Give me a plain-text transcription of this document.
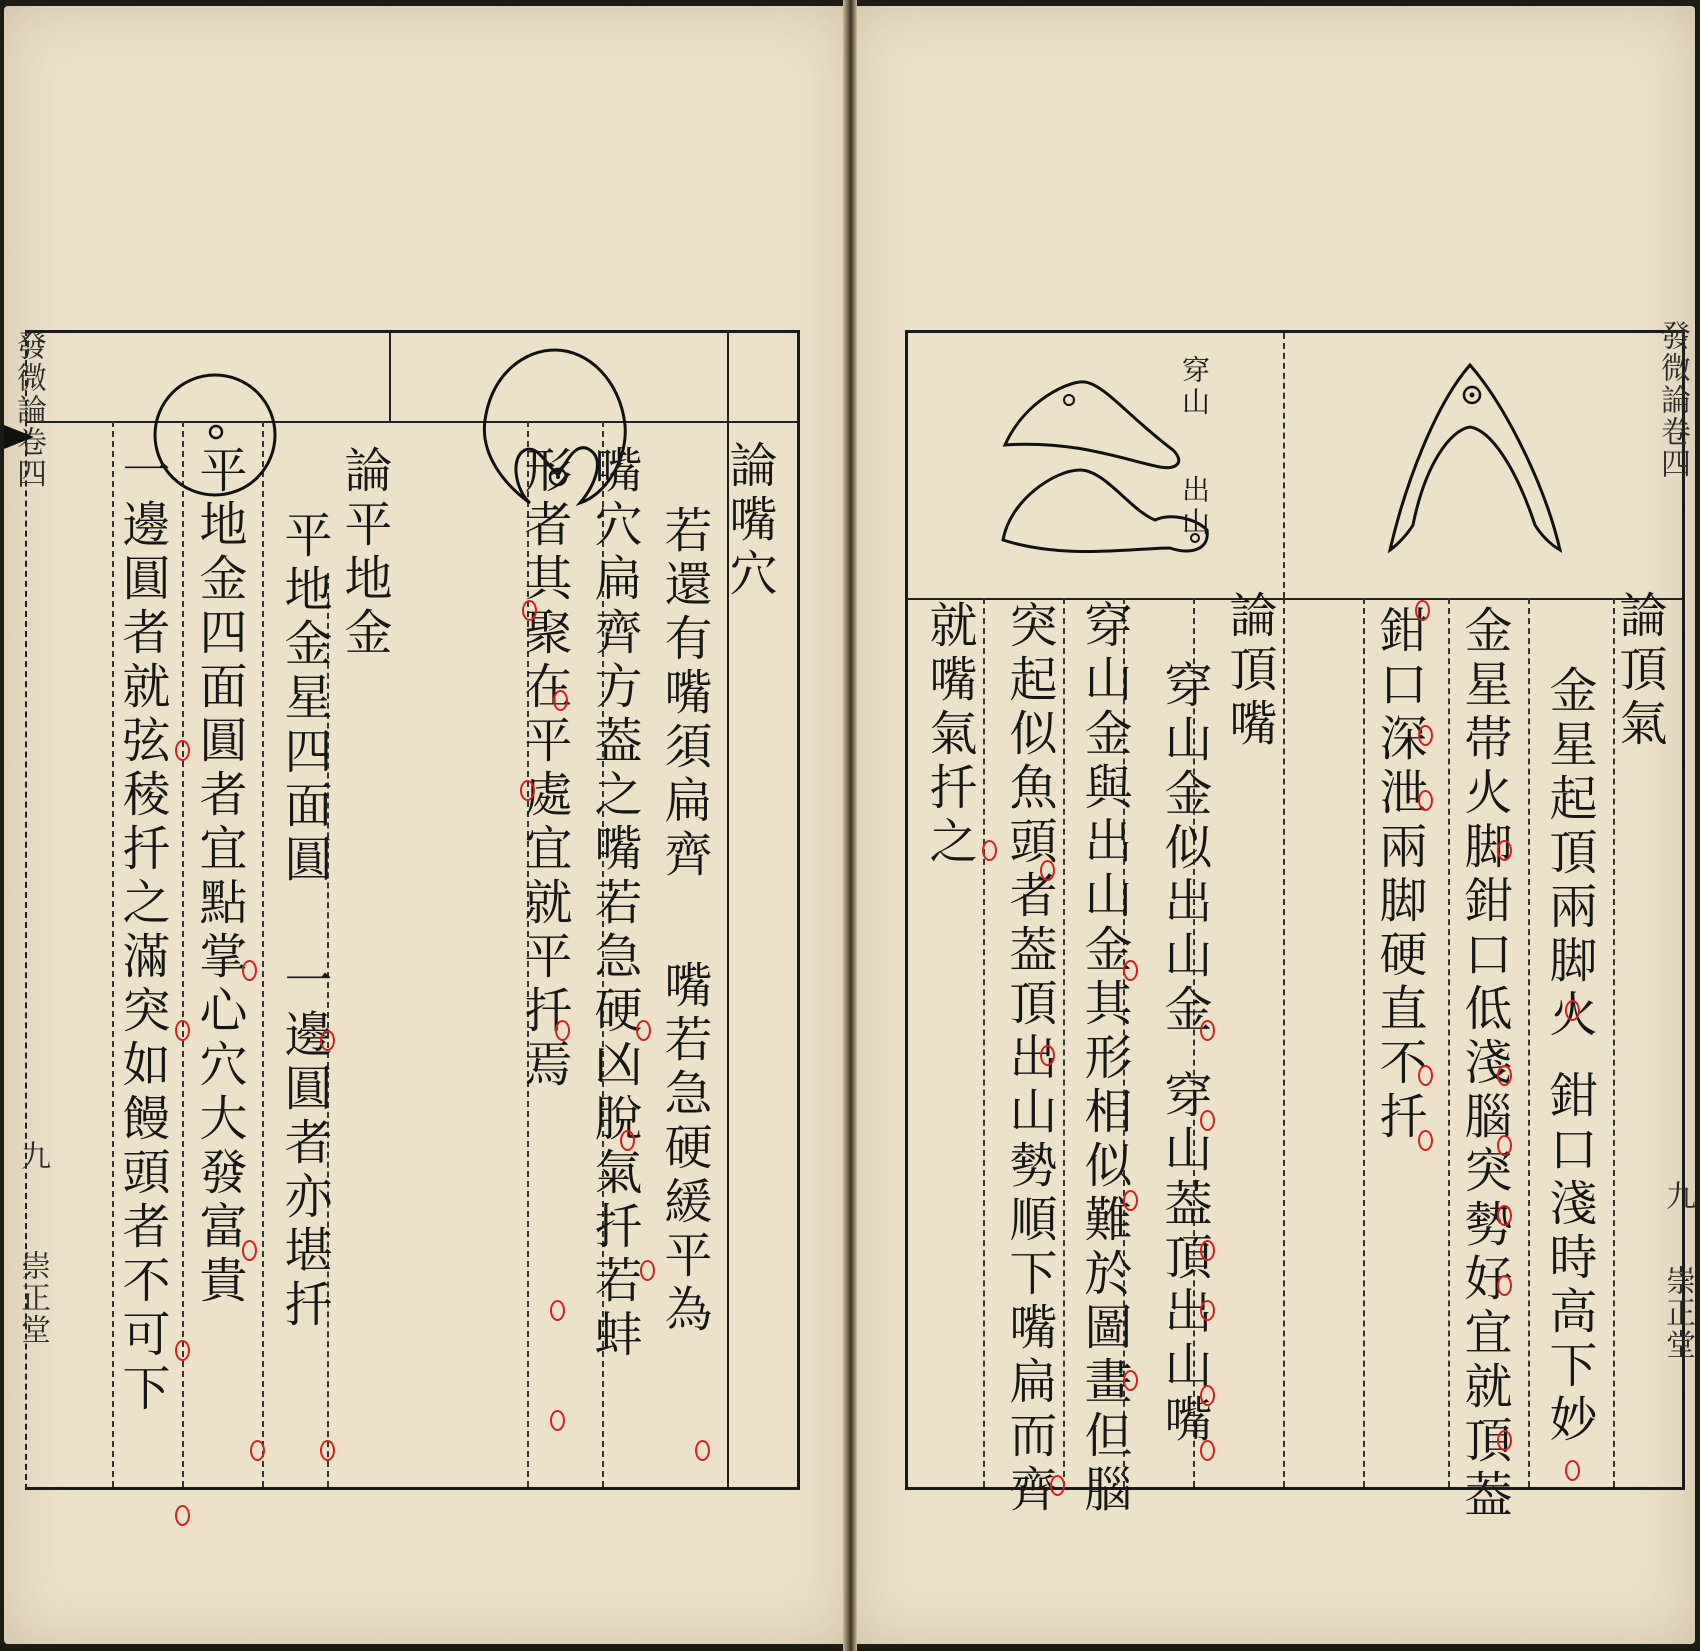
論嘴穴
若還有嘴須扁齊
嘴若急硬緩平為
嘴穴扁齊方葢之嘴若急硬凶脫氣扦若蚌
形者其聚在平處宜就平扦焉
論平地金
平地金星四面圓
一邊圓者亦堪扦
平地金四面圓者宜點掌心穴大發富貴
一邊圓者就弦稜扦之滿突如饅頭者不可下
發微論卷四
九
崇正堂
穿山
出山
論頂氣
金星起頂兩脚火
鉗口淺時高下妙
金星帯火脚鉗口低淺腦突勢好宜就頂葢
鉗口深泄兩脚硬直不扦
論頂嘴
穿山金似出山金
穿山葢頂出山嘴
穿山金與出山金其形相似難於圖畫但腦
突起似魚頭者葢頂出山勢順下嘴扁而齊
就嘴氣扦之
發微論卷四
九
崇正堂
